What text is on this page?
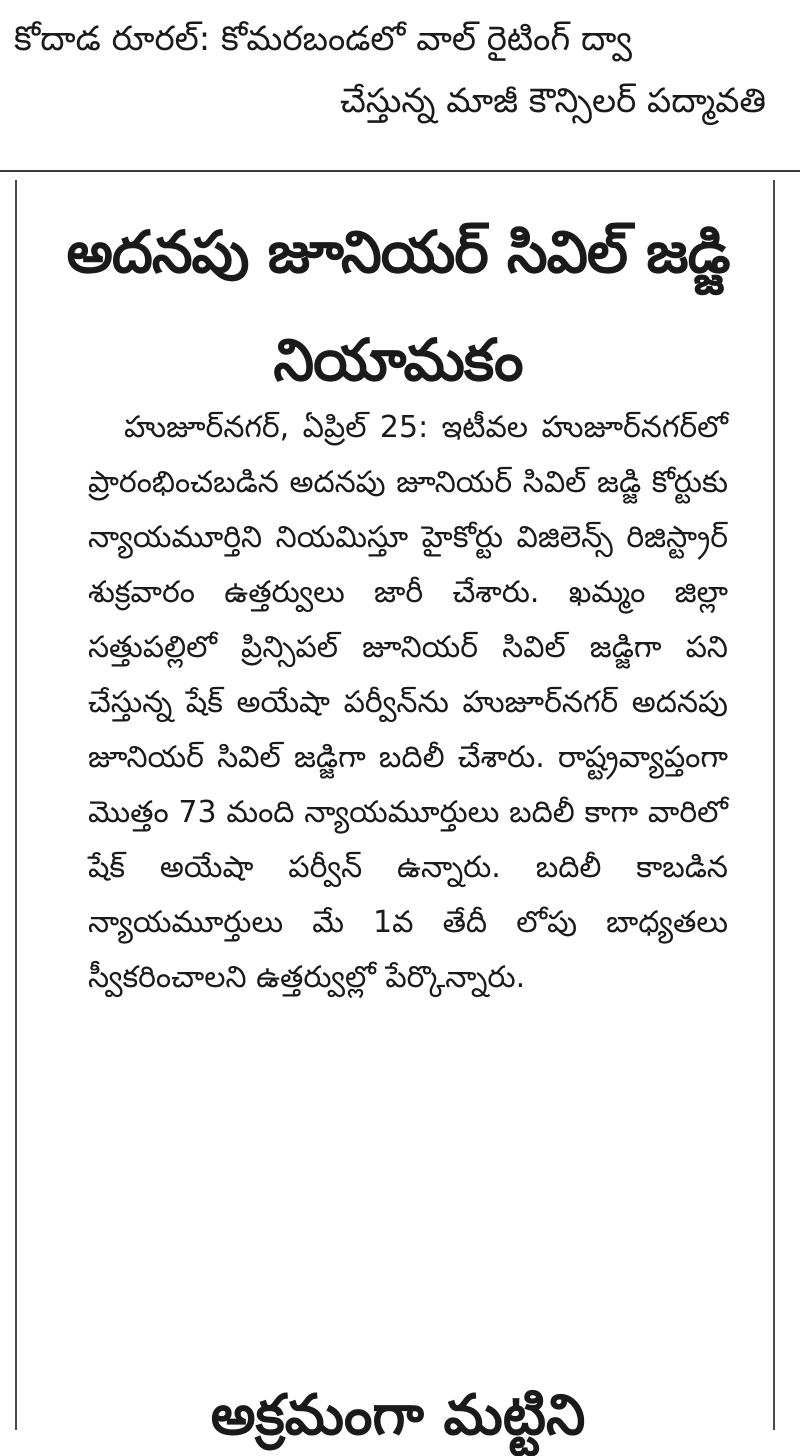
కోదాడ రూరల్: కోమరబండలో వాల్ రైటింగ్ ద్వా
చేస్తున్న మాజీ కౌన్సిలర్ పద్మావతి
అదనపు జూనియర్ సివిల్ జడ్జి నియామకం

హుజూర్‌నగర్, ఏప్రిల్ 25: ఇటీవల హుజూర్‌నగర్‌లో ప్రారంభించబడిన అదనపు జూనియర్ సివిల్ జడ్జి కోర్టుకు న్యాయమూర్తిని నియమిస్తూ హైకోర్టు విజిలెన్స్ రిజిస్ట్రార్ శుక్రవారం ఉత్తర్వులు జారీ చేశారు. ఖమ్మం జిల్లా సత్తుపల్లిలో ప్రిన్సిపల్ జూనియర్ సివిల్ జడ్జిగా పని చేస్తున్న షేక్ అయేషా పర్వీన్‌ను హుజూర్‌నగర్ అదనపు జూనియర్ సివిల్ జడ్జిగా బదిలీ చేశారు. రాష్ట్రవ్యాప్తంగా మొత్తం 73 మంది న్యాయమూర్తులు బదిలీ కాగా వారిలో షేక్ అయేషా పర్వీన్ ఉన్నారు. బదిలీ కాబడిన న్యాయమూర్తులు మే 1వ తేదీ లోపు బాధ్యతలు స్వీకరించాలని ఉత్తర్వుల్లో పేర్కొన్నారు.

అక్రమంగా మట్టిని
